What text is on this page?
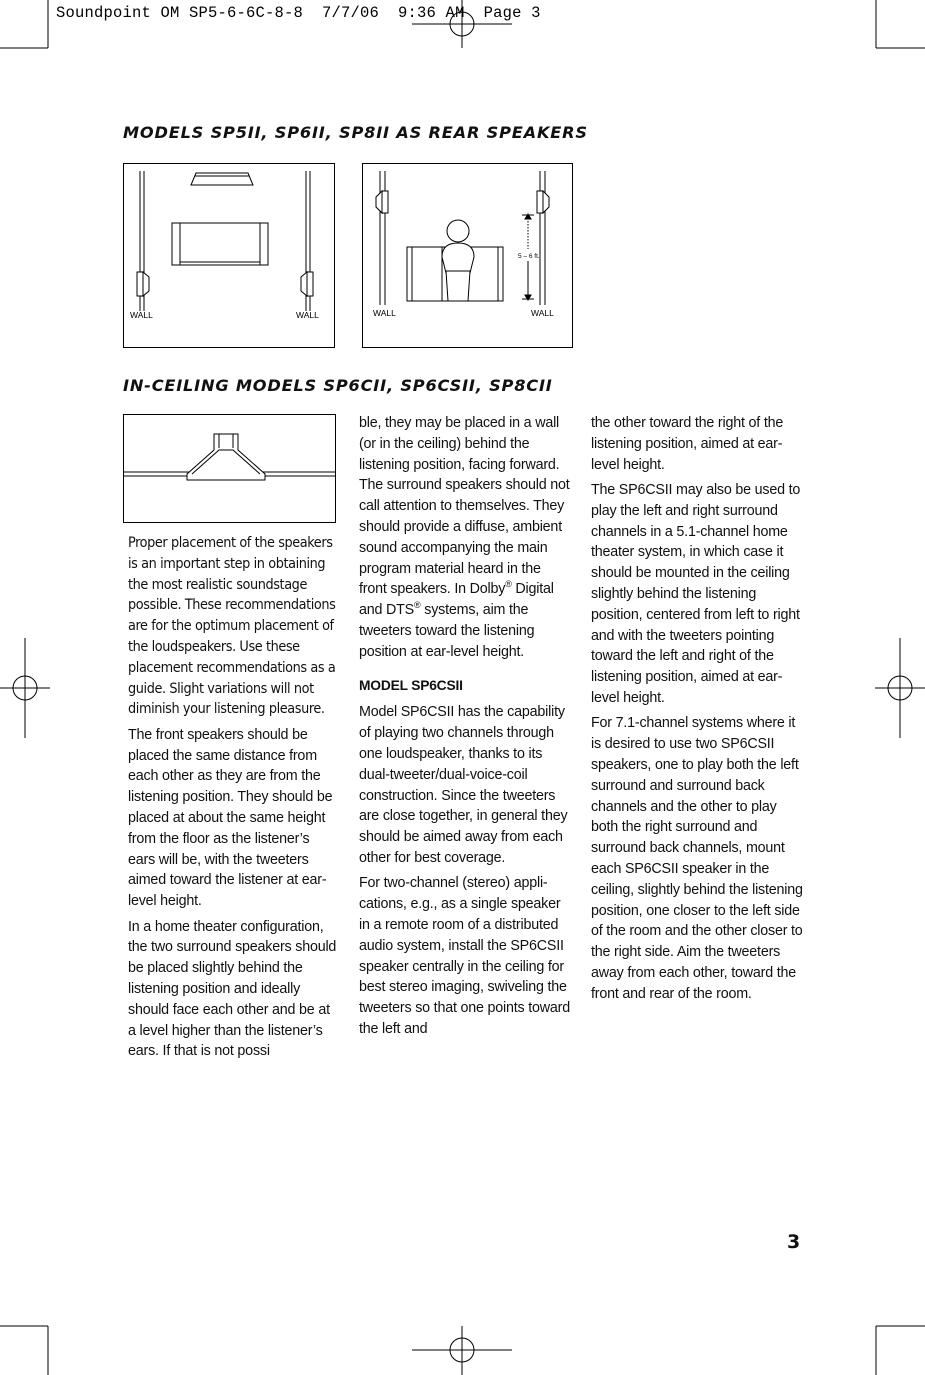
Soundpoint OM SP5-6-6C-8-8  7/7/06  9:36 AM  Page 3
MODELS SP5II, SP6II, SP8II AS REAR SPEAKERS
WALL	WALL
5 – 6 ft.
WALL	WALL
IN-CEILING MODELS SP6CII, SP6CSII, SP8CII

Proper placement of the speakers is an important step in obtaining the most realistic soundstage possible. These recommendations are for the optimum placement of the loudspeakers. Use these placement recommendations as a guide. Slight variations will not diminish your listening pleasure.

The front speakers should be placed the same distance from each other as they are from the listening position. They should be placed at about the same height from the floor as the listener’s ears will be, with the tweeters aimed toward the listener at ear-level height.

In a home theater configuration, the two surround speakers should be placed slightly behind the listening position and ideally should face each other and be at a level higher than the listener’s ears. If that is not possi

ble, they may be placed in a wall (or in the ceiling) behind the listening position, facing forward. The surround speakers should not call attention to themselves. They should provide a diffuse, ambient sound accompanying the main program material heard in the front speakers. In Dolby® Digital and DTS® systems, aim the tweeters toward the listening position at ear-level height.

MODEL SP6CSII

Model SP6CSII has the capability of playing two channels through one loudspeaker, thanks to its dual-tweeter/dual-voice-coil construction. Since the tweeters are close together, in general they should be aimed away from each other for best coverage.

For two-channel (stereo) applications, e.g., as a single speaker in a remote room of a distributed audio system, install the SP6CSII speaker centrally in the ceiling for best stereo imaging, swiveling the tweeters so that one points toward the left and

the other toward the right of the listening position, aimed at ear-level height.

The SP6CSII may also be used to play the left and right surround channels in a 5.1-channel home theater system, in which case it should be mounted in the ceiling slightly behind the listening position, centered from left to right and with the tweeters pointing toward the left and right of the listening position, aimed at ear-level height.

For 7.1-channel systems where it is desired to use two SP6CSII speakers, one to play both the left surround and surround back channels and the other to play both the right surround and surround back channels, mount each SP6CSII speaker in the ceiling, slightly behind the listening position, one closer to the left side of the room and the other closer to the right side. Aim the tweeters away from each other, toward the front and rear of the room.

3
